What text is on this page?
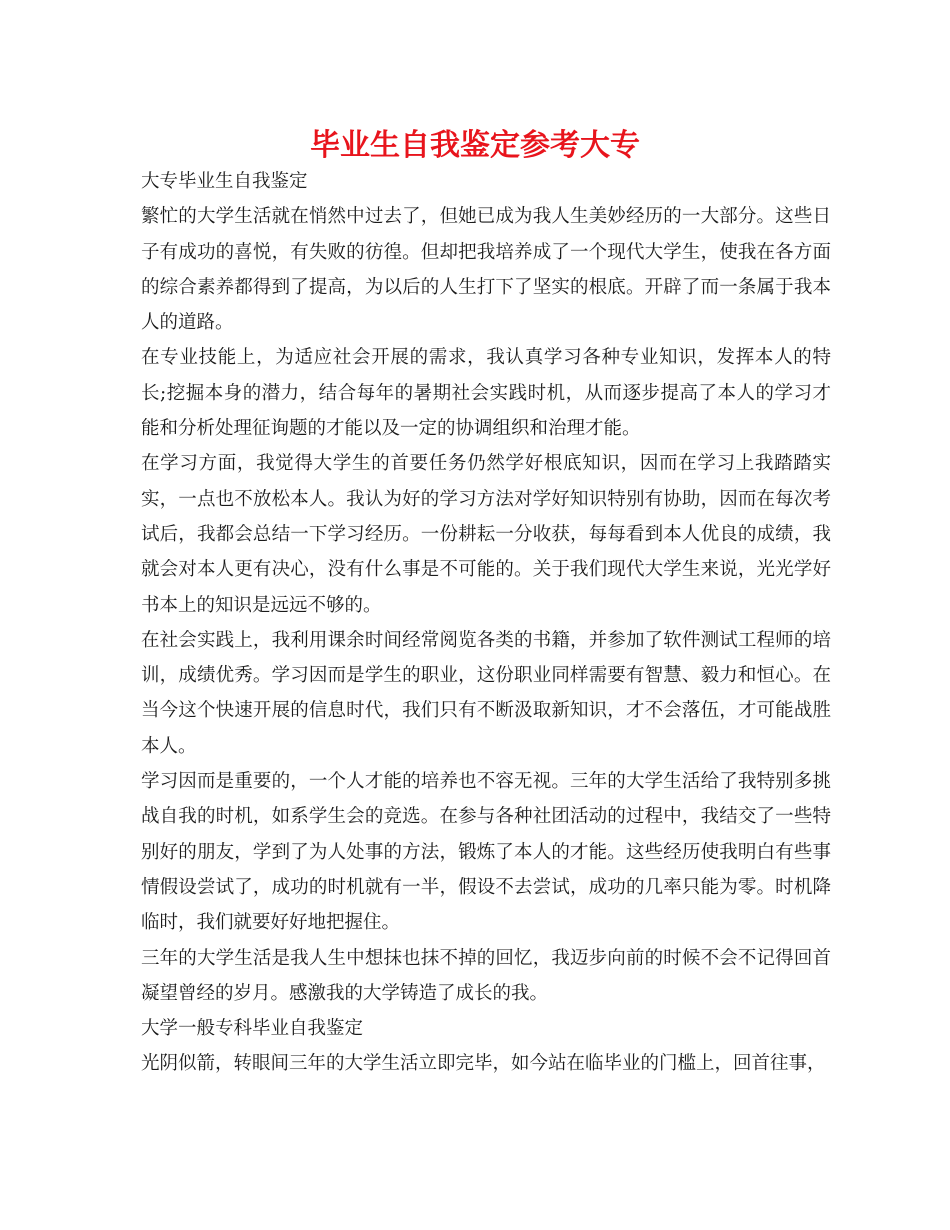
毕业生自我鉴定参考大专

大专毕业生自我鉴定

繁忙的大学生活就在悄然中过去了，但她已成为我人生美妙经历的一大部分。这些日子有成功的喜悦，有失败的彷徨。但却把我培养成了一个现代大学生，使我在各方面的综合素养都得到了提高，为以后的人生打下了坚实的根底。开辟了而一条属于我本人的道路。

在专业技能上，为适应社会开展的需求，我认真学习各种专业知识，发挥本人的特长;挖掘本身的潜力，结合每年的暑期社会实践时机，从而逐步提高了本人的学习才能和分析处理征询题的才能以及一定的协调组织和治理才能。

在学习方面，我觉得大学生的首要任务仍然学好根底知识，因而在学习上我踏踏实实，一点也不放松本人。我认为好的学习方法对学好知识特别有协助，因而在每次考试后，我都会总结一下学习经历。一份耕耘一分收获，每每看到本人优良的成绩，我就会对本人更有决心，没有什么事是不可能的。关于我们现代大学生来说，光光学好书本上的知识是远远不够的。

在社会实践上，我利用课余时间经常阅览各类的书籍，并参加了软件测试工程师的培训，成绩优秀。学习因而是学生的职业，这份职业同样需要有智慧、毅力和恒心。在当今这个快速开展的信息时代，我们只有不断汲取新知识，才不会落伍，才可能战胜本人。

学习因而是重要的，一个人才能的培养也不容无视。三年的大学生活给了我特别多挑战自我的时机，如系学生会的竞选。在参与各种社团活动的过程中，我结交了一些特别好的朋友，学到了为人处事的方法，锻炼了本人的才能。这些经历使我明白有些事情假设尝试了，成功的时机就有一半，假设不去尝试，成功的几率只能为零。时机降临时，我们就要好好地把握住。

三年的大学生活是我人生中想抹也抹不掉的回忆，我迈步向前的时候不会不记得回首凝望曾经的岁月。感激我的大学铸造了成长的我。

大学一般专科毕业自我鉴定

光阴似箭，转眼间三年的大学生活立即完毕，如今站在临毕业的门槛上，回首往事，
